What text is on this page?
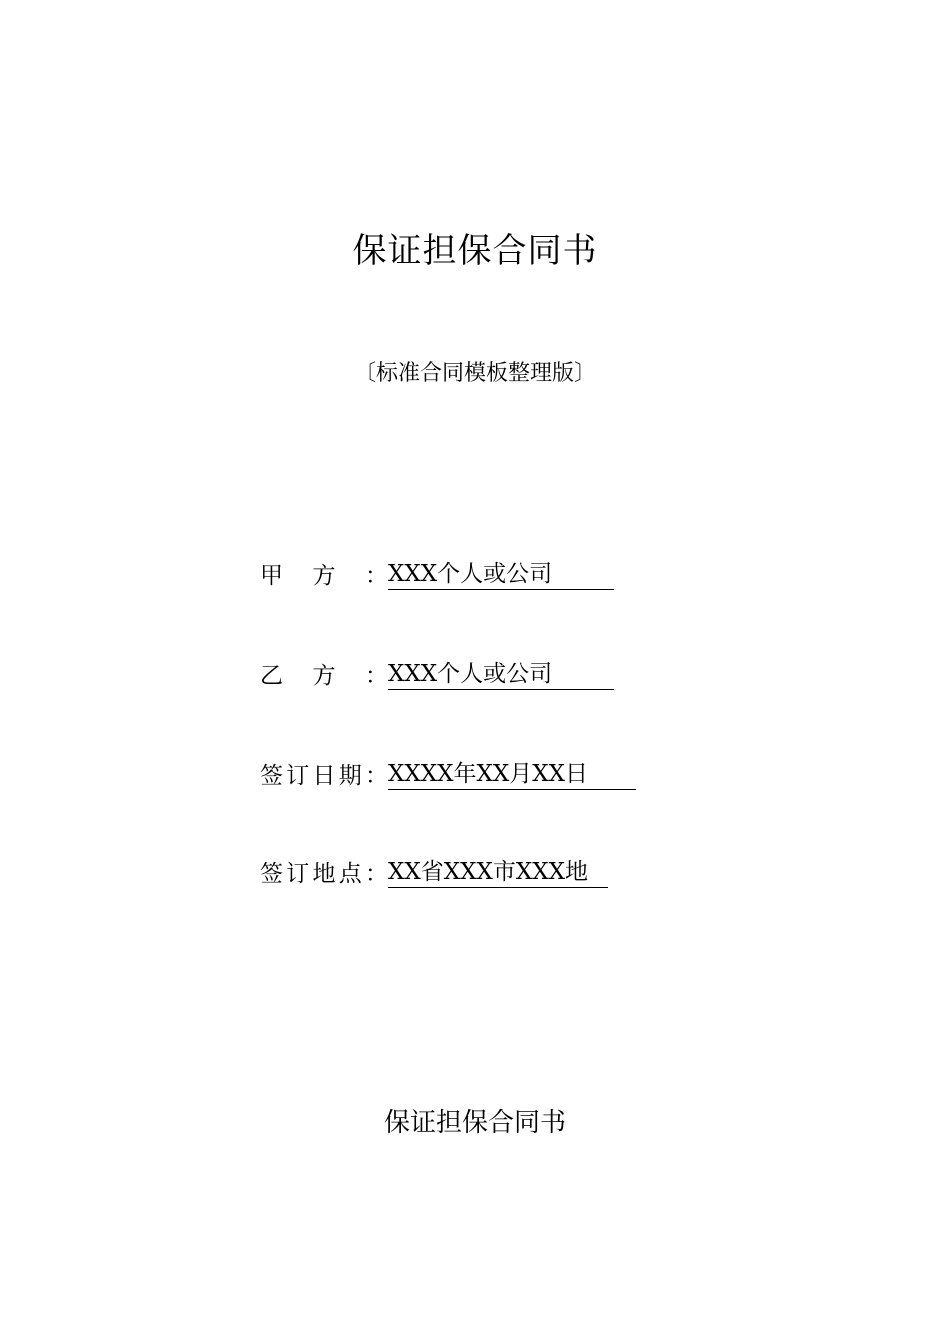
保证担保合同书
〔标准合同模板整理版〕
甲方：XXX个人或公司
乙方：XXX个人或公司
签订日期：XXXX年XX月XX日
签订地点：XX省XXX市XXX地
保证担保合同书
